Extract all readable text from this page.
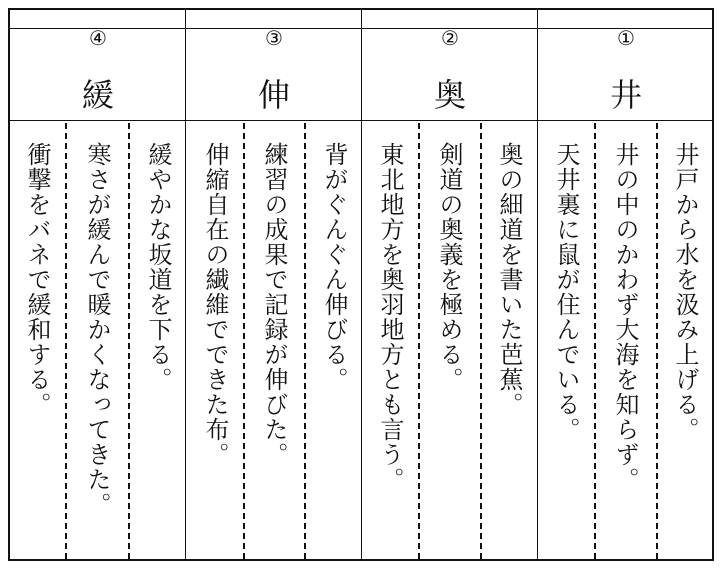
④
緩
衝撃をバネで緩和する。 寒さが緩んで暖かくなってきた。 緩やかな坂道を下る。
③
伸
伸縮自在の繊維でできた布。 練習の成果で記録が伸びた。 背がぐんぐん伸びる。
②
奥
東北地方を奥羽地方とも言う。 剣道の奥義を極める。 奥の細道を書いた芭蕉。
①
井
天井裏に鼠が住んでいる。 井の中のかわず大海を知らず。 井戸から水を汲み上げる。
